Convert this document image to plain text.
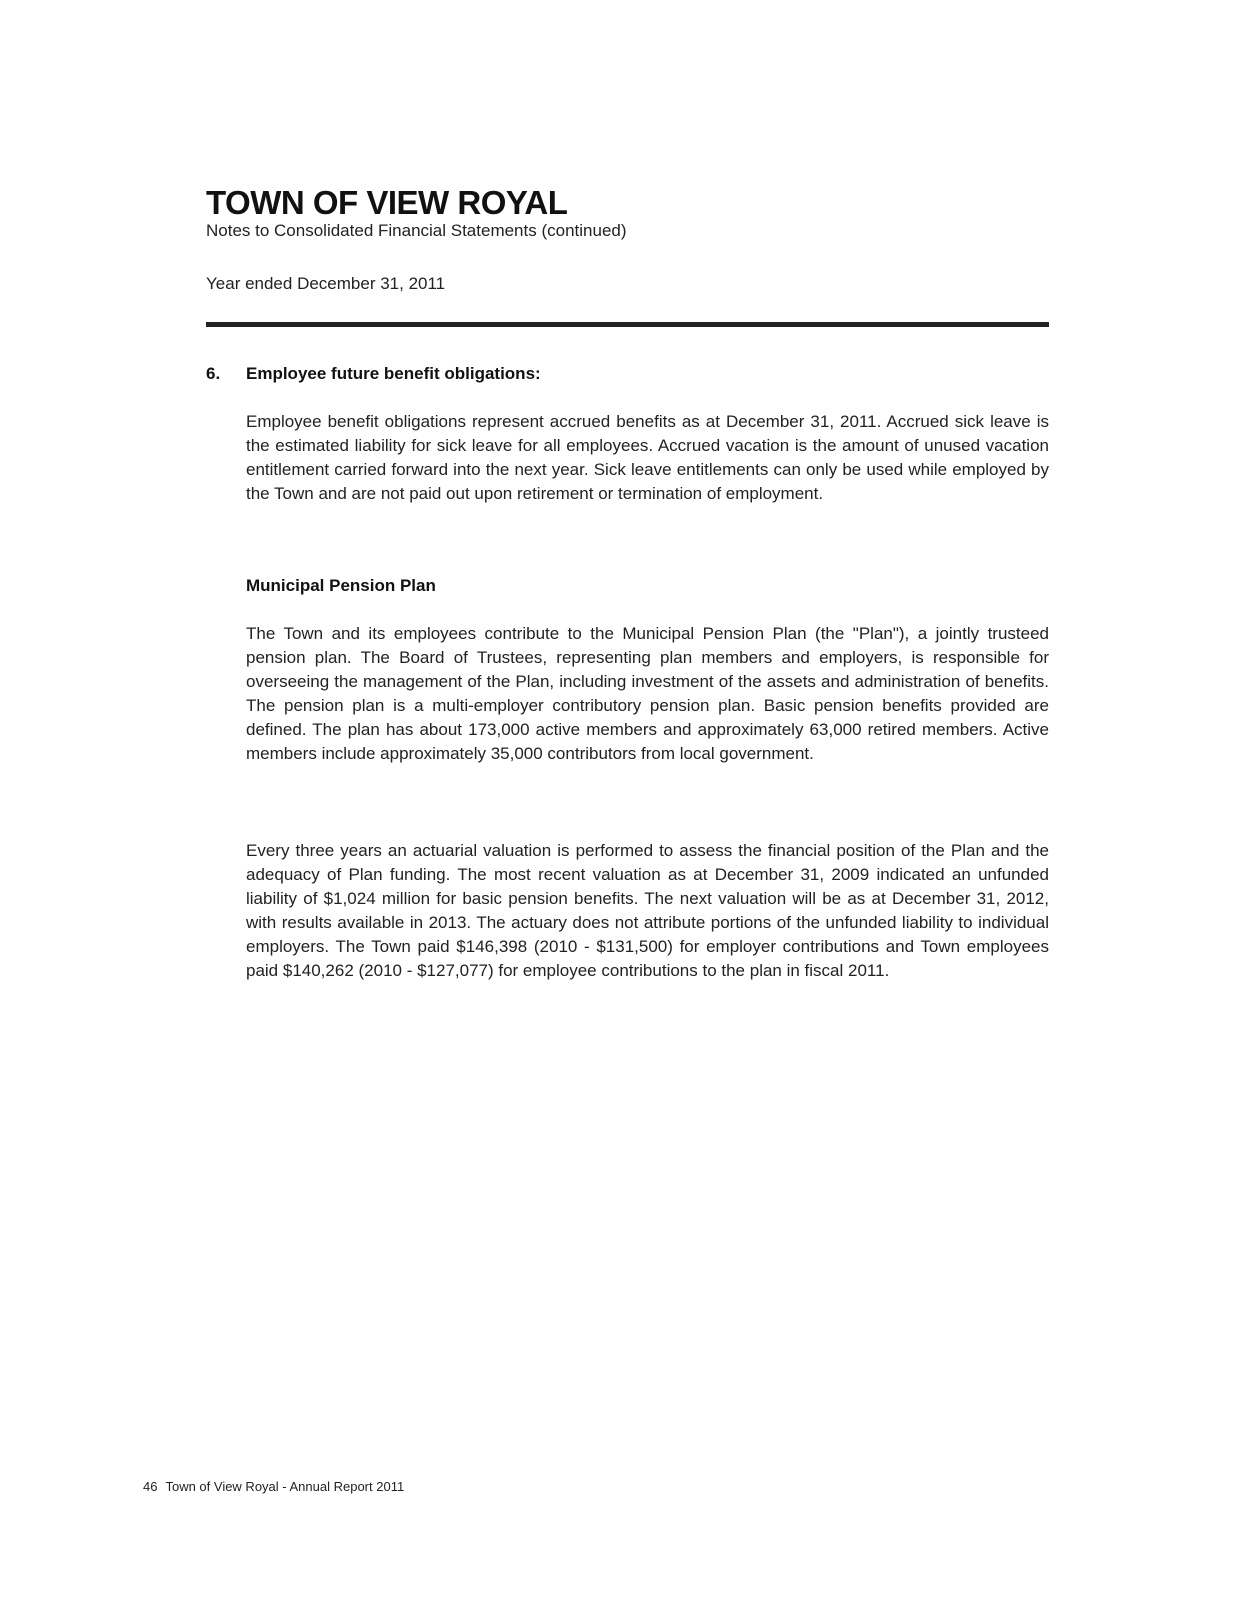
TOWN OF VIEW ROYAL
Notes to Consolidated Financial Statements (continued)
Year ended December 31, 2011
6. Employee future benefit obligations:

Employee benefit obligations represent accrued benefits as at December 31, 2011. Accrued sick leave is the estimated liability for sick leave for all employees. Accrued vacation is the amount of unused vacation entitlement carried forward into the next year. Sick leave entitlements can only be used while employed by the Town and are not paid out upon retirement or termination of employment.

Municipal Pension Plan

The Town and its employees contribute to the Municipal Pension Plan (the "Plan"), a jointly trusteed pension plan. The Board of Trustees, representing plan members and employers, is responsible for overseeing the management of the Plan, including investment of the assets and administration of benefits. The pension plan is a multi-employer contributory pension plan. Basic pension benefits provided are defined. The plan has about 173,000 active members and approximately 63,000 retired members. Active members include approximately 35,000 contributors from local government.

Every three years an actuarial valuation is performed to assess the financial position of the Plan and the adequacy of Plan funding. The most recent valuation as at December 31, 2009 indicated an unfunded liability of $1,024 million for basic pension benefits. The next valuation will be as at December 31, 2012, with results available in 2013. The actuary does not attribute portions of the unfunded liability to individual employers. The Town paid $146,398 (2010 - $131,500) for employer contributions and Town employees paid $140,262 (2010 - $127,077) for employee contributions to the plan in fiscal 2011.

46 Town of View Royal - Annual Report 2011
